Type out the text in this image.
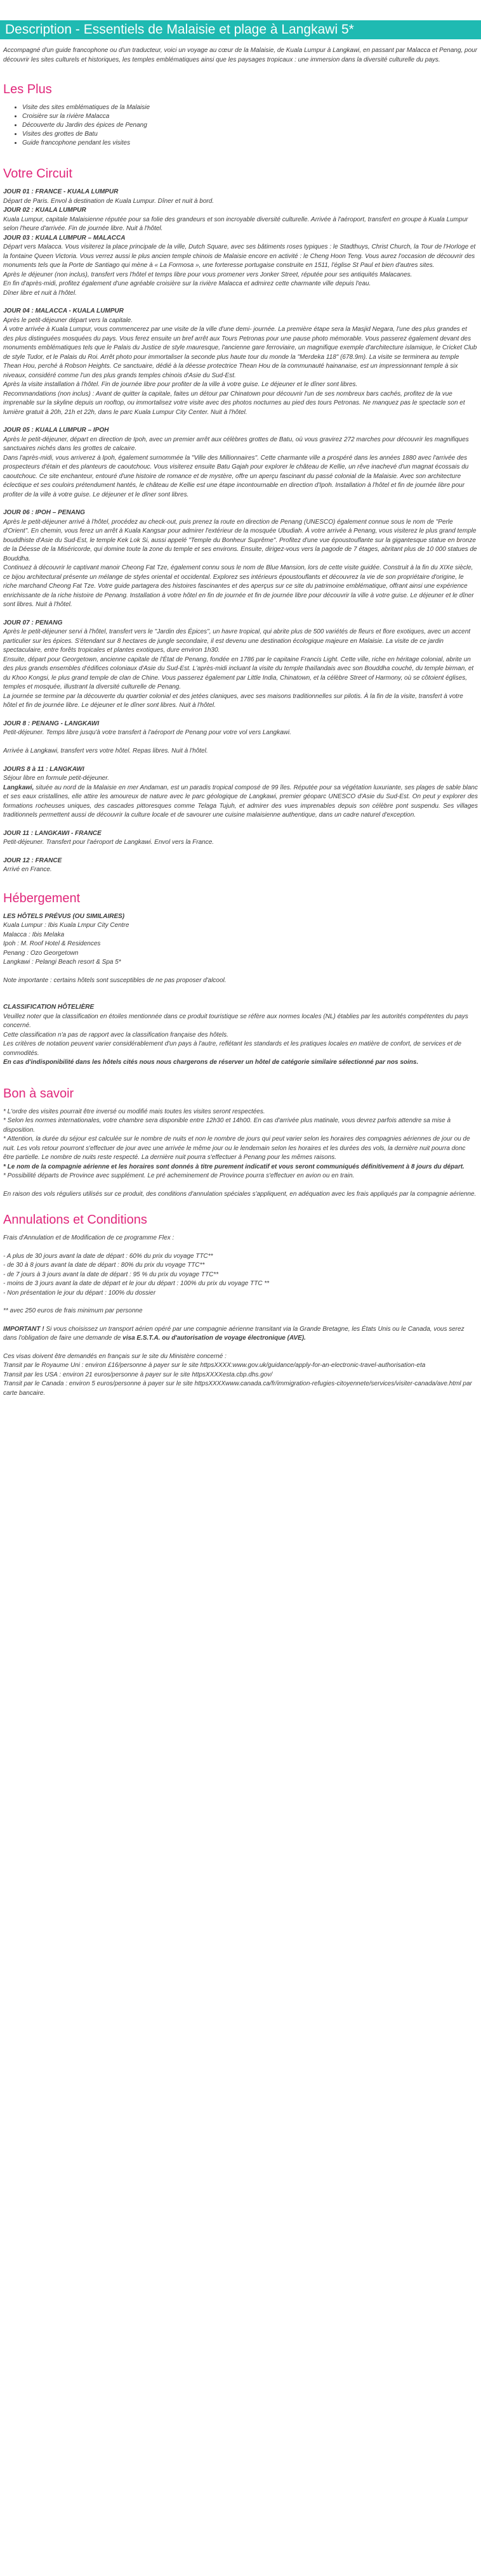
Description - Essentiels de Malaisie et plage à Langkawi 5*

Accompagné d'un guide francophone ou d'un traducteur, voici un voyage au cœur de la Malaisie, de Kuala Lumpur à Langkawi, en passant par Malacca et Penang, pour découvrir les sites culturels et historiques, les temples emblématiques ainsi que les paysages tropicaux : une immersion dans la diversité culturelle du pays.

Les Plus
• Visite des sites emblématiques de la Malaisie
• Croisière sur la rivière Malacca
• Découverte du Jardin des épices de Penang
• Visites des grottes de Batu
• Guide francophone pendant les visites
Votre Circuit
JOUR 01 : FRANCE - KUALA LUMPUR
Départ de Paris. Envol à destination de Kuala Lumpur. Dîner et nuit à bord.
JOUR 02 : KUALA LUMPUR
Kuala Lumpur, capitale Malaisienne réputée pour sa folie des grandeurs et son incroyable diversité culturelle. Arrivée à l'aéroport, transfert en groupe à Kuala Lumpur selon l'heure d'arrivée. Fin de journée libre. Nuit à l'hôtel.
JOUR 03 : KUALA LUMPUR – MALACCA
Départ vers Malacca. Vous visiterez la place principale de la ville, Dutch Square, avec ses bâtiments roses typiques : le Stadthuys, Christ Church, la Tour de l'Horloge et la fontaine Queen Victoria. Vous verrez aussi le plus ancien temple chinois de Malaisie encore en activité : le Cheng Hoon Teng. Vous aurez l'occasion de découvrir des monuments tels que la Porte de Santiago qui mène à « La Formosa », une forteresse portugaise construite en 1511, l'église St Paul et bien d'autres sites.
Après le déjeuner (non inclus), transfert vers l'hôtel et temps libre pour vous promener vers Jonker Street, réputée pour ses antiquités Malacanes.
En fin d'après-midi, profitez également d'une agréable croisière sur la rivière Malacca et admirez cette charmante ville depuis l'eau.
Dîner libre et nuit à l'hôtel.
JOUR 04 : MALACCA - KUALA LUMPUR
Après le petit-déjeuner départ vers la capitale.
À votre arrivée à Kuala Lumpur, vous commencerez par une visite de la ville d'une demi- journée. La première étape sera la Masjid Negara, l'une des plus grandes et des plus distinguées mosquées du pays. Vous ferez ensuite un bref arrêt aux Tours Petronas pour une pause photo mémorable. Vous passerez également devant des monuments emblématiques tels que le Palais du Justice de style mauresque, l'ancienne gare ferroviaire, un magnifique exemple d'architecture islamique, le Cricket Club de style Tudor, et le Palais du Roi. Arrêt photo pour immortaliser la seconde plus haute tour du monde la "Merdeka 118" (678.9m). La visite se terminera au temple Thean Hou, perché à Robson Heights. Ce sanctuaire, dédié à la déesse protectrice Thean Hou de la communauté hainanaise, est un impressionnant temple à six niveaux, considéré comme l'un des plus grands temples chinois d'Asie du Sud-Est.
Après la visite installation à l'hôtel. Fin de journée libre pour profiter de la ville à votre guise. Le déjeuner et le dîner sont libres.
Recommandations (non inclus) : Avant de quitter la capitale, faites un détour par Chinatown pour découvrir l'un de ses nombreux bars cachés, profitez de la vue imprenable sur la skyline depuis un rooftop, ou immortalisez votre visite avec des photos nocturnes au pied des tours Petronas. Ne manquez pas le spectacle son et lumière gratuit à 20h, 21h et 22h, dans le parc Kuala Lumpur City Center. Nuit à l'hôtel.
JOUR 05 : KUALA LUMPUR – IPOH
Après le petit-déjeuner, départ en direction de Ipoh, avec un premier arrêt aux célèbres grottes de Batu, où vous gravirez 272 marches pour découvrir les magnifiques sanctuaires nichés dans les grottes de calcaire.
Dans l'après-midi, vous arriverez à Ipoh, également surnommée la "Ville des Millionnaires". Cette charmante ville a prospéré dans les années 1880 avec l'arrivée des prospecteurs d'étain et des planteurs de caoutchouc. Vous visiterez ensuite Batu Gajah pour explorer le château de Kellie, un rêve inachevé d'un magnat écossais du caoutchouc. Ce site enchanteur, entouré d'une histoire de romance et de mystère, offre un aperçu fascinant du passé colonial de la Malaisie. Avec son architecture éclectique et ses couloirs prétendument hantés, le château de Kellie est une étape incontournable en direction d'Ipoh. Installation à l'hôtel et fin de journée libre pour profiter de la ville à votre guise. Le déjeuner et le dîner sont libres.
JOUR 06 : IPOH – PENANG
Après le petit-déjeuner arrivé à l'hôtel, procédez au check-out, puis prenez la route en direction de Penang (UNESCO) également connue sous le nom de "Perle d'Orient". En chemin, vous ferez un arrêt à Kuala Kangsar pour admirer l'extérieur de la mosquée Ubudiah. À votre arrivée à Penang, vous visiterez le plus grand temple bouddhiste d'Asie du Sud-Est, le temple Kek Lok Si, aussi appelé "Temple du Bonheur Suprême". Profitez d'une vue époustouflante sur la gigantesque statue en bronze de la Déesse de la Miséricorde, qui domine toute la zone du temple et ses environs. Ensuite, dirigez-vous vers la pagode de 7 étages, abritant plus de 10 000 statues de Bouddha.
Continuez à découvrir le captivant manoir Cheong Fat Tze, également connu sous le nom de Blue Mansion, lors de cette visite guidée. Construit à la fin du XIXe siècle, ce bijou architectural présente un mélange de styles oriental et occidental. Explorez ses intérieurs époustouflants et découvrez la vie de son propriétaire d'origine, le riche marchand Cheong Fat Tze. Votre guide partagera des histoires fascinantes et des aperçus sur ce site du patrimoine emblématique, offrant ainsi une expérience enrichissante de la riche histoire de Penang. Installation à votre hôtel en fin de journée et fin de journée libre pour découvrir la ville à votre guise. Le déjeuner et le dîner sont libres. Nuit à l'hôtel.
JOUR 07 : PENANG
Après le petit-déjeuner servi à l'hôtel, transfert vers le "Jardin des Épices", un havre tropical, qui abrite plus de 500 variétés de fleurs et flore exotiques, avec un accent particulier sur les épices. S'étendant sur 8 hectares de jungle secondaire, il est devenu une destination écologique majeure en Malaisie. La visite de ce jardin spectaculaire, entre forêts tropicales et plantes exotiques, dure environ 1h30.
Ensuite, départ pour Georgetown, ancienne capitale de l'État de Penang, fondée en 1786 par le capitaine Francis Light. Cette ville, riche en héritage colonial, abrite un des plus grands ensembles d'édifices coloniaux d'Asie du Sud-Est. L'après-midi incluant la visite du temple thaïlandais avec son Bouddha couché, du temple birman, et du Khoo Kongsi, le plus grand temple de clan de Chine. Vous passerez également par Little India, Chinatown, et la célèbre Street of Harmony, où se côtoient églises, temples et mosquée, illustrant la diversité culturelle de Penang.
La journée se termine par la découverte du quartier colonial et des jetées claniques, avec ses maisons traditionnelles sur pilotis. À la fin de la visite, transfert à votre hôtel et fin de journée libre. Le déjeuner et le dîner sont libres. Nuit à l'hôtel.
JOUR 8 : PENANG - LANGKAWI
Petit-déjeuner. Temps libre jusqu'à votre transfert à l'aéroport de Penang pour votre vol vers Langkawi.

Arrivée à Langkawi, transfert vers votre hôtel. Repas libres. Nuit à l'hôtel.
JOURS 8 à 11 : LANGKAWI
Séjour libre en formule petit-déjeuner.
Langkawi, située au nord de la Malaisie en mer Andaman, est un paradis tropical composé de 99 îles. Réputée pour sa végétation luxuriante, ses plages de sable blanc et ses eaux cristallines, elle attire les amoureux de nature avec le parc géologique de Langkawi, premier géoparc UNESCO d'Asie du Sud-Est. On peut y explorer des formations rocheuses uniques, des cascades pittoresques comme Telaga Tujuh, et admirer des vues imprenables depuis son célèbre pont suspendu. Ses villages traditionnels permettent aussi de découvrir la culture locale et de savourer une cuisine malaisienne authentique, dans un cadre naturel d'exception.
JOUR 11 : LANGKAWI - FRANCE
Petit-déjeuner. Transfert pour l'aéroport de Langkawi. Envol vers la France.
JOUR 12 : FRANCE
Arrivé en France.
Hébergement
LES HÔTELS PRÉVUS (OU SIMILAIRES)
Kuala Lumpur : Ibis Kuala Lmpur City Centre
Malacca : Ibis Melaka
Ipoh : M. Roof Hotel & Residences
Penang : Ozo Georgetown
Langkawi : Pelangi Beach resort & Spa 5*
Note importante : certains hôtels sont susceptibles de ne pas proposer d'alcool.
CLASSIFICATION HÔTELIÈRE
Veuillez noter que la classification en étoiles mentionnée dans ce produit touristique se réfère aux normes locales (NL) établies par les autorités compétentes du pays concerné.
Cette classification n'a pas de rapport avec la classification française des hôtels.
Les critères de notation peuvent varier considérablement d'un pays à l'autre, reflétant les standards et les pratiques locales en matière de confort, de services et de commodités.
En cas d'indisponibilité dans les hôtels cités nous nous chargerons de réserver un hôtel de catégorie similaire sélectionné par nos soins.
Bon à savoir
* L'ordre des visites pourrait être inversé ou modifié mais toutes les visites seront respectées.
* Selon les normes internationales, votre chambre sera disponible entre 12h30 et 14h00. En cas d'arrivée plus matinale, vous devrez parfois attendre sa mise à disposition.
* Attention, la durée du séjour est calculée sur le nombre de nuits et non le nombre de jours qui peut varier selon les horaires des compagnies aériennes de jour ou de nuit. Les vols retour pourront s'effectuer de jour avec une arrivée le même jour ou le lendemain selon les horaires et les durées des vols, la dernière nuit pourra donc être partielle. Le nombre de nuits reste respecté. La dernière nuit pourra s'effectuer à Penang pour les mêmes raisons.
* Le nom de la compagnie aérienne et les horaires sont donnés à titre purement indicatif et vous seront communiqués définitivement à 8 jours du départ.
* Possibilité départs de Province avec supplément. Le pré acheminement de Province pourra s'effectuer en avion ou en train.
En raison des vols réguliers utilisés sur ce produit, des conditions d'annulation spéciales s'appliquent, en adéquation avec les frais appliqués par la compagnie aérienne.
Annulations et Conditions
Frais d'Annulation et de Modification de ce programme Flex :
- A plus de 30 jours avant la date de départ : 60% du prix du voyage TTC**
- de 30 à 8 jours avant la date de départ : 80% du prix du voyage TTC**
- de 7 jours à 3 jours avant la date de départ : 95 % du prix du voyage TTC**
- moins de 3 jours avant la date de départ et le jour du départ : 100% du prix du voyage TTC **
- Non présentation le jour du départ : 100% du dossier
** avec 250 euros de frais minimum par personne
IMPORTANT ! Si vous choisissez un transport aérien opéré par une compagnie aérienne transitant via la Grande Bretagne, les États Unis ou le Canada, vous serez dans l'obligation de faire une demande de visa E.S.T.A. ou d'autorisation de voyage électronique (AVE).
Ces visas doivent être demandés en français sur le site du Ministère concerné :
Transit par le Royaume Uni : environ £16/personne à payer sur le site httpsXXXX:www.gov.uk/guidance/apply-for-an-electronic-travel-authorisation-eta
Transit par les USA : environ 21 euros/personne à payer sur le site httpsXXXXesta.cbp.dhs.gov/
Transit par le Canada : environ 5 euros/personne à payer sur le site httpsXXXXwww.canada.ca/fr/immigration-refugies-citoyennete/services/visiter-canada/ave.html par carte bancaire.
